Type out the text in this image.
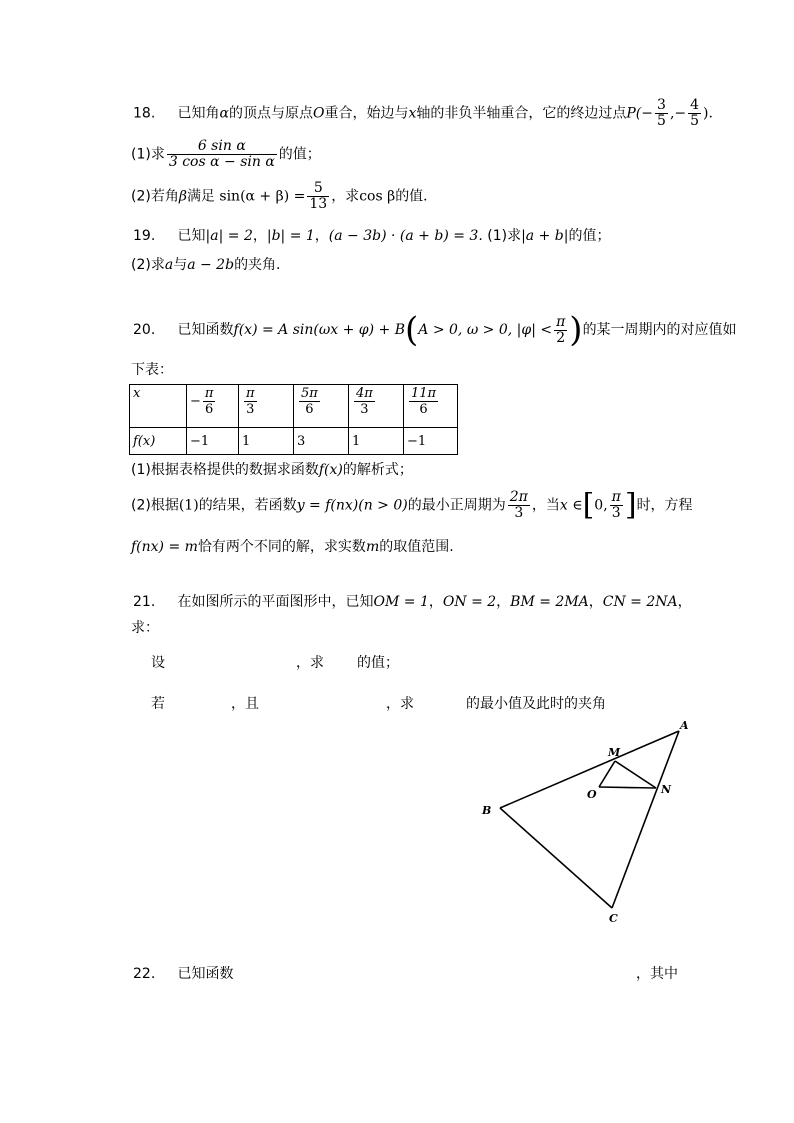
18. 已知角α的顶点与原点O重合，始边与x轴的非负半轴重合，它的终边过点$P(- \frac{3}{5}$ ,− $\frac{4}{5}$ ).
(1)求 $\frac{\text{6 sin α}}{\text{3 cos α − sin α}}$ 的值；
(2)若角β满足 $\sin(\alpha + \beta) = \frac{5}{13}$ ，求cos β的值．
19. 已知|a| = 2，|b| = 1，(a − 3b) · (a + b) = 3. (1)求|a + b|的值；
(2)求a与a − 2b的夹角.
20. 已知函数f(x) = A sin(ωx + φ) + B(A > 0, ω > 0, $|\varphi| < \frac{\pi}{2}$ )的某一周期内的对应值如
下表：
x	− $\frac{\pi}{6}$	$\frac{\pi}{3}$	$\frac{5\pi}{6}$	$\frac{4\pi}{3}$	$\frac{11\pi}{6}$

f(x)	−1	1	3	1	−1
(1)根据表格提供的数据求函数f(x)的解析式；
(2)根据(1)的结果，若函数y = f(nx)(n > 0)的最小正周期为 $\frac{2\pi}{3}$ ，当x ∈[0, $\frac{\pi}{3}$ ]时，方程
f(nx) = m恰有两个不同的解，求实数m的取值范围.
21. 在如图所示的平面图形中，已知OM = 1，ON = 2，BM = 2MA，CN = 2NA，
求：
设	，求 的值；
若	，且	，求	的最小值及此时的夹角
A
M
O	N
B
C
22. 已知函数	，其中
